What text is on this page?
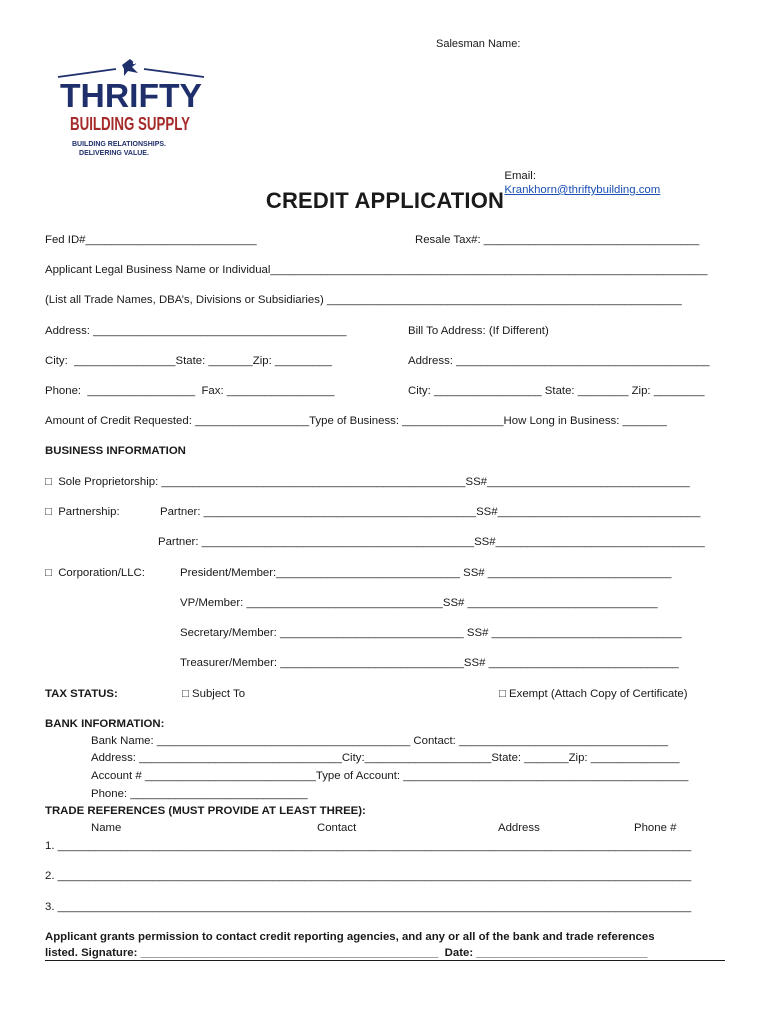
Salesman Name:
THRIFTY
BUILDING SUPPLY
BUILDING RELATIONSHIPS.
DELIVERING VALUE.

Email:
Krankhorn@thriftybuilding.com

CREDIT APPLICATION
Fed ID#___________________________	Resale Tax#: __________________________________
Applicant Legal Business Name or Individual_____________________________________________________________________
(List all Trade Names, DBA’s, Divisions or Subsidiaries) ________________________________________________________
Address: ________________________________________	Bill To Address: (If Different)
City:  ________________State: _______Zip: _________	Address: ________________________________________
Phone:  _________________  Fax: _________________	City: _________________ State: ________ Zip: ________
Amount of Credit Requested: __________________Type of Business: ________________How Long in Business: _______
BUSINESS INFORMATION
□  Sole Proprietorship: ________________________________________________SS#________________________________
□  Partnership:	Partner: ___________________________________________SS#________________________________
Partner: ___________________________________________SS#_________________________________
□  Corporation/LLC:	President/Member:_____________________________ SS# _____________________________
VP/Member: _______________________________SS# ______________________________
Secretary/Member: _____________________________ SS# ______________________________
Treasurer/Member: _____________________________SS# ______________________________
TAX STATUS:	□ Subject To	□ Exempt (Attach Copy of Certificate)
BANK INFORMATION:
Bank Name: ________________________________________ Contact: _________________________________
Address: ________________________________City:____________________State: _______Zip: ______________
Account # ___________________________Type of Account: _____________________________________________
Phone: ____________________________
TRADE REFERENCES (MUST PROVIDE AT LEAST THREE):
Name	Contact	Address	Phone #
1. ____________________________________________________________________________________________________
2. ____________________________________________________________________________________________________
3. ____________________________________________________________________________________________________
Applicant grants permission to contact credit reporting agencies, and any or all of the bank and trade references
listed. Signature: _______________________________________________  Date: ___________________________
